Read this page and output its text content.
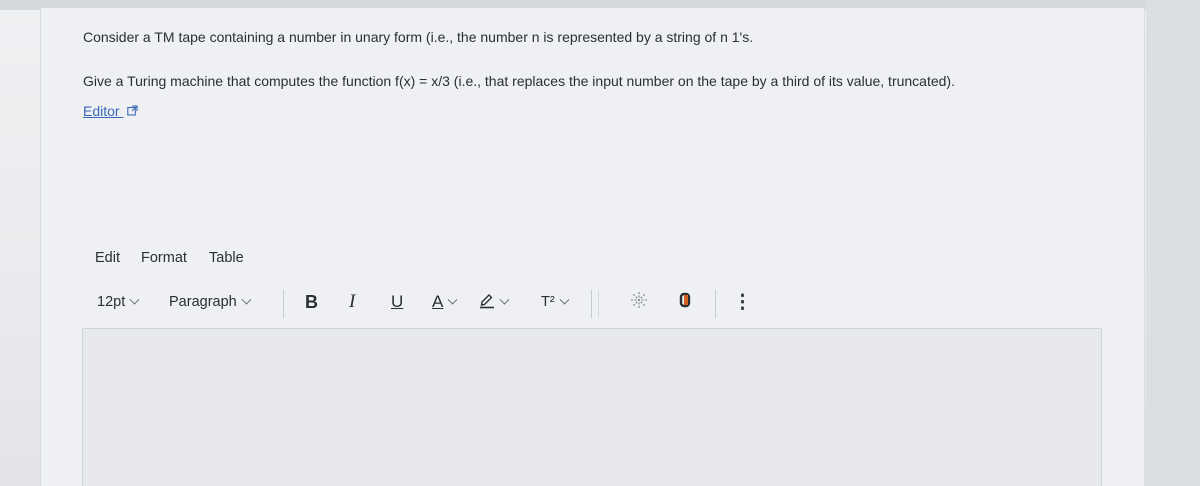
Consider a TM tape containing a number in unary form (i.e., the number n is represented by a string of n 1's.
Give a Turing machine that computes the function f(x) = x/3 (i.e., that replaces the input number on the tape by a third of its value, truncated).
Editor
Edit Format Table
12pt	Paragraph	B I U A	T²	⋮
